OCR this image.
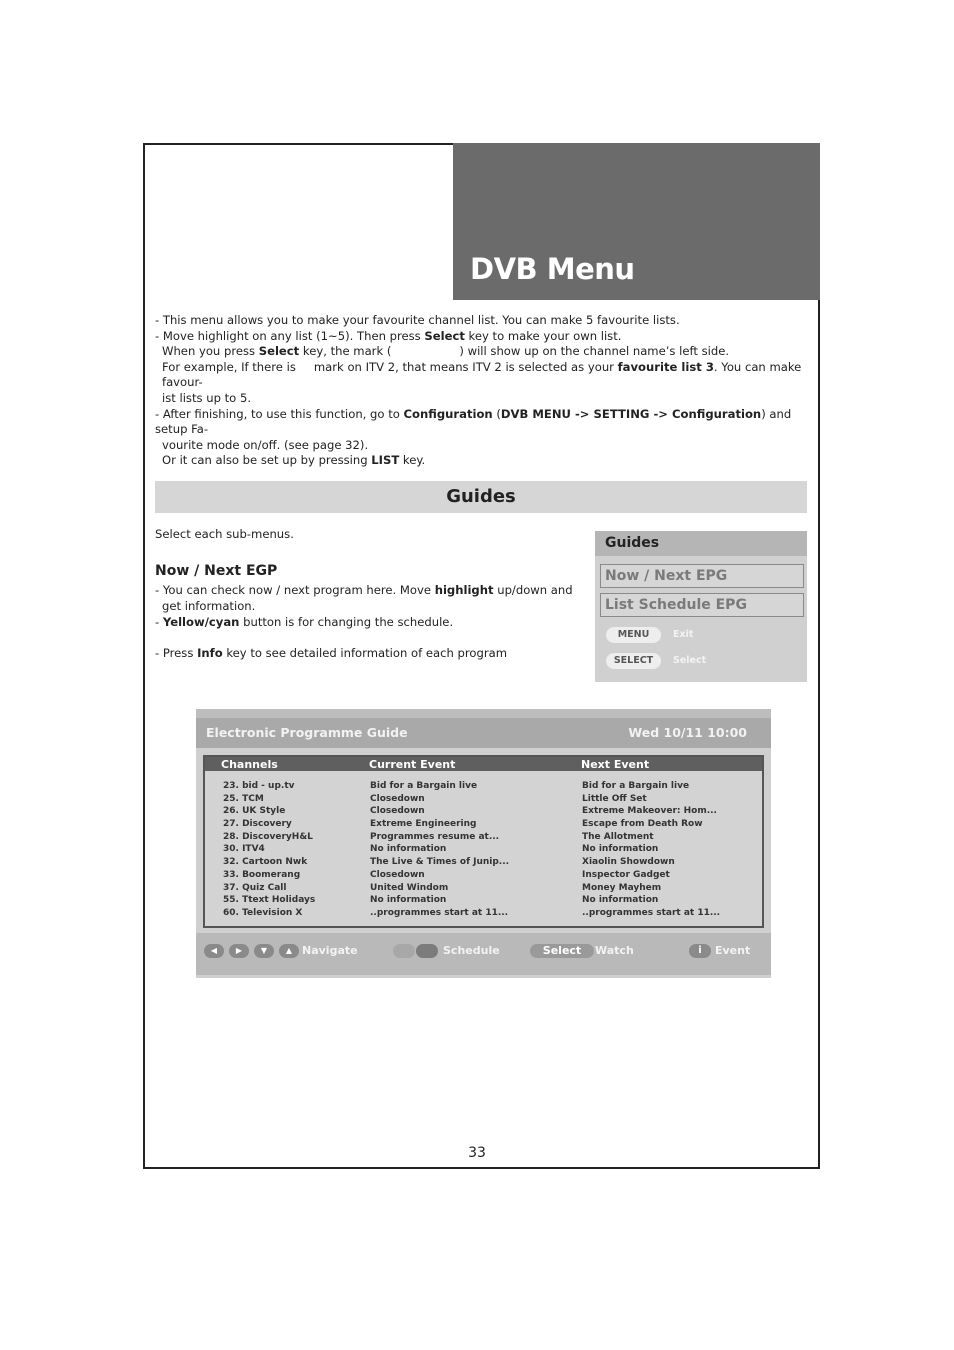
DVB Menu

- This menu allows you to make your favourite channel list. You can make 5 favourite lists.

- Move highlight on any list (1~5). Then press Select key to make your own list.

When you press Select key, the mark (	) will show up on the channel name’s left side.

For example, If there is mark on ITV 2, that means ITV 2 is selected as your favourite list 3. You can make favour-

ist lists up to 5.

- After finishing, to use this function, go to Configuration (DVB MENU -> SETTING -> Configuration) and setup Fa-

vourite mode on/off. (see page 32).

Or it can also be set up by pressing LIST key.

Guides
Select each sub-menus.
Now / Next EGP

- You can check now / next program here. Move highlight up/down and

get information.

- Yellow/cyan button is for changing the schedule.

- Press Info key to see detailed information of each program

Guides
Now / Next EPG
List Schedule EPG
MENU	Exit
SELECT	Select
Electronic Programme Guide	Wed 10/11 10:00
Channels	Current Event	Next Event
23. bid - up.tv	Bid for a Bargain live	Bid for a Bargain live
25. TCM	Closedown	Little Off Set
26. UK Style	Closedown	Extreme Makeover: Hom...
27. Discovery	Extreme Engineering	Escape from Death Row
28. DiscoveryH&L	Programmes resume at...	The Allotment
30. ITV4	No information	No information
32. Cartoon Nwk	The Live & Times of Junip...	Xiaolin Showdown
33. Boomerang	Closedown	Inspector Gadget
37. Quiz Call	United Windom	Money Mayhem
55. Ttext Holidays	No information	No information
60. Television X	..programmes start at 11...	..programmes start at 11...
◀	▶	▼	▲ Navigate	Schedule	Select	Watch	i	Event
33
